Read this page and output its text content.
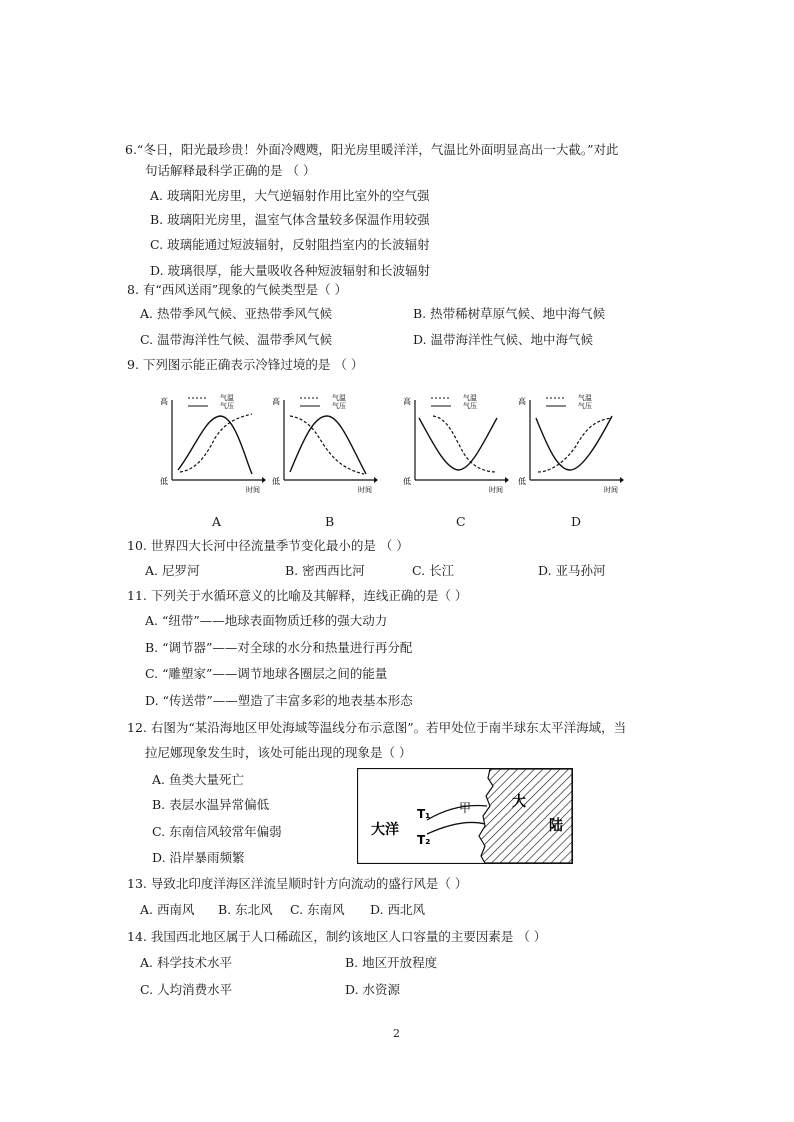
6.“冬日，阳光最珍贵！外面冷飕飕，阳光房里暖洋洋，气温比外面明显高出一大截。”对此
句话解释最科学正确的是 （ ）
A. 玻璃阳光房里，大气逆辐射作用比室外的空气强
B. 玻璃阳光房里，温室气体含量较多保温作用较强
C. 玻璃能通过短波辐射，反射阻挡室内的长波辐射
D. 玻璃很厚，能大量吸收各种短波辐射和长波辐射
8. 有“西风送雨”现象的气候类型是（ ）
A. 热带季风气候、亚热带季风气候	B. 热带稀树草原气候、地中海气候
C. 温带海洋性气候、温带季风气候	D. 温带海洋性气候、地中海气候
9. 下列图示能正确表示冷锋过境的是 （ ）
高
低
时间
气温
气压
A
高
低
时间
气温
气压
B
高
低
时间
气温
气压
C
高
低
时间
气温
气压
D
10. 世界四大长河中径流量季节变化最小的是 （ ）
A. 尼罗河	B. 密西西比河	C. 长江	D. 亚马孙河
11. 下列关于水循环意义的比喻及其解释，连线正确的是（ ）
A. “纽带”——地球表面物质迁移的强大动力
B. “调节器”——对全球的水分和热量进行再分配
C. “雕塑家”——调节地球各圈层之间的能量
D. “传送带”——塑造了丰富多彩的地表基本形态
12. 右图为“某沿海地区甲处海域等温线分布示意图”。若甲处位于南半球东太平洋海域，当
拉尼娜现象发生时，该处可能出现的现象是（ ）
A. 鱼类大量死亡
B. 表层水温异常偏低
C. 东南信风较常年偏弱
D. 沿岸暴雨频繁
大洋
大
陆
甲
T₁
T₂
13. 导致北印度洋海区洋流呈顺时针方向流动的盛行风是（ ）
A. 西南风 B. 东北风 C. 东南风 D. 西北风
14. 我国西北地区属于人口稀疏区，制约该地区人口容量的主要因素是 （ ）
A. 科学技术水平	B. 地区开放程度
C. 人均消费水平	D. 水资源
2
